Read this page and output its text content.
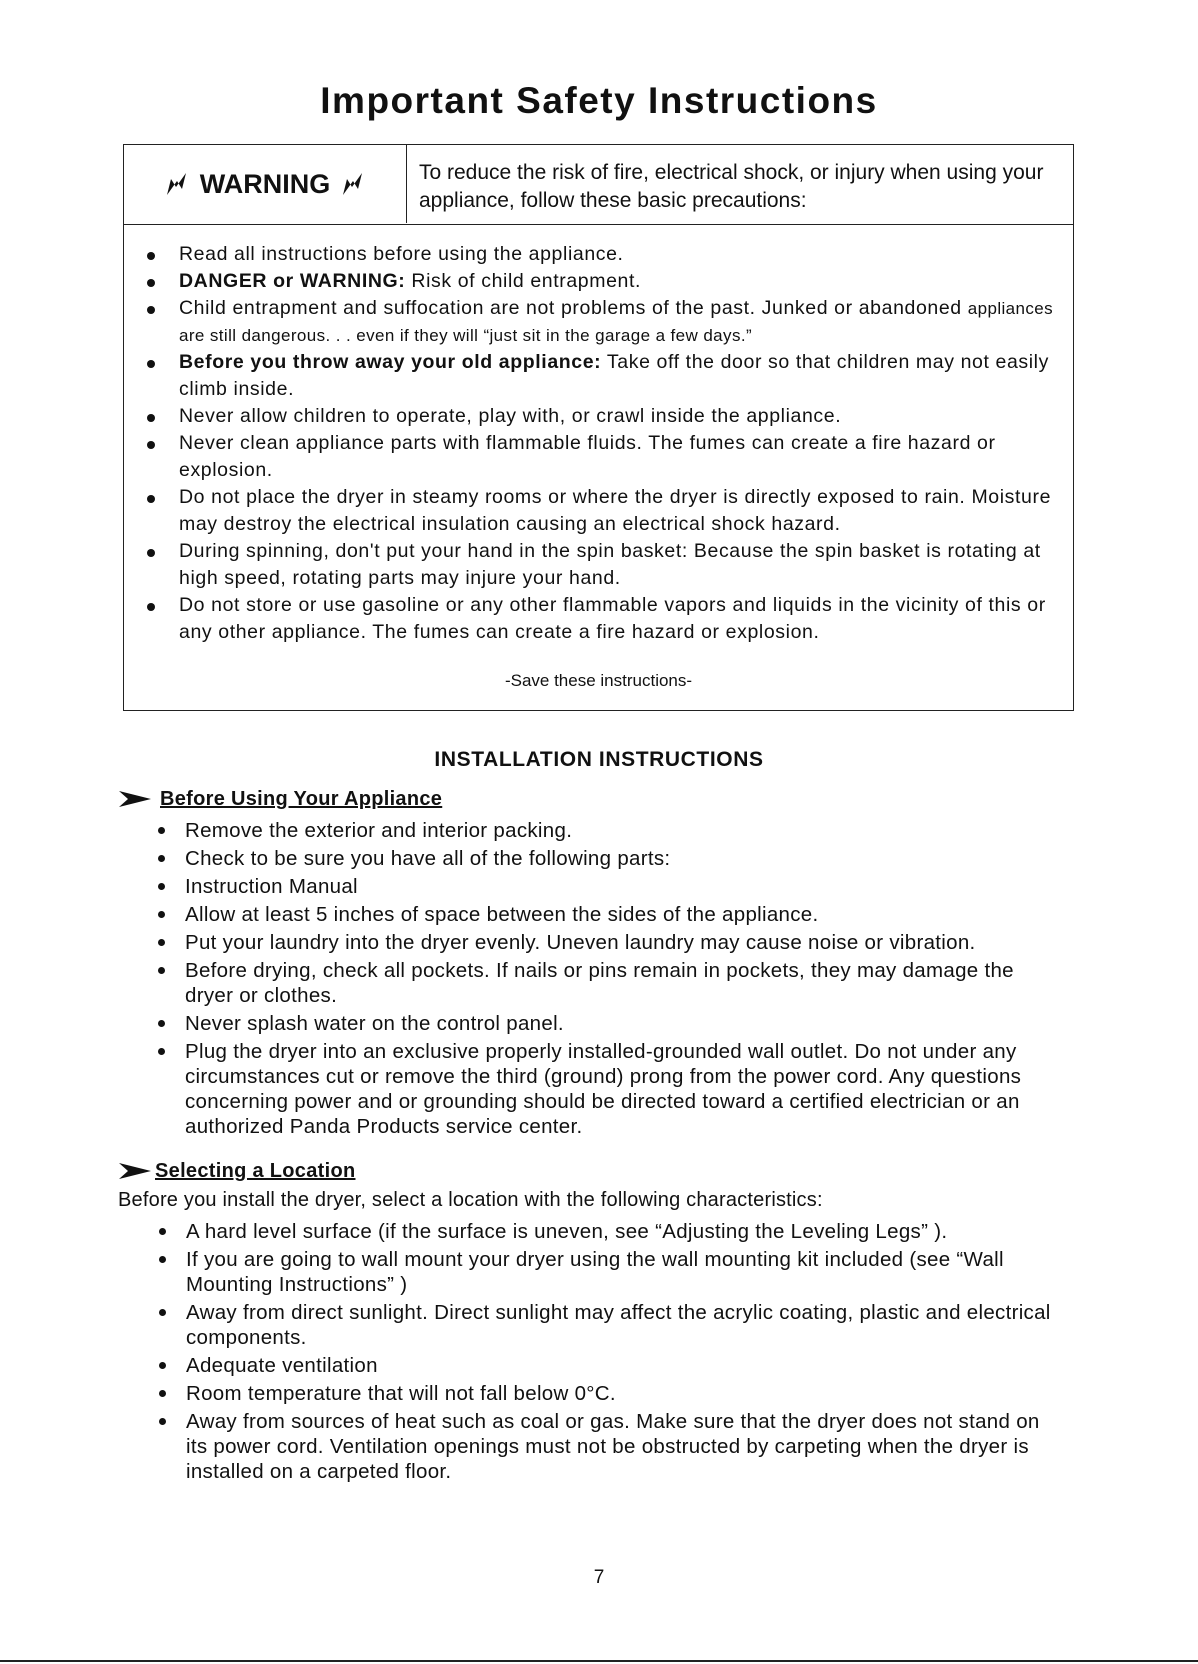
Important Safety Instructions
WARNING	To reduce the risk of fire, electrical shock, or injury when using your appliance, follow these basic precautions:
Read all instructions before using the appliance.
DANGER or WARNING: Risk of child entrapment.
Child entrapment and suffocation are not problems of the past. Junked or abandoned appliances are still dangerous. . . even if they will “just sit in the garage a few days.”
Before you throw away your old appliance: Take off the door so that children may not easily climb inside.
Never allow children to operate, play with, or crawl inside the appliance.
Never clean appliance parts with flammable fluids. The fumes can create a fire hazard or explosion.
Do not place the dryer in steamy rooms or where the dryer is directly exposed to rain. Moisture may destroy the electrical insulation causing an electrical shock hazard.
During spinning, don't put your hand in the spin basket: Because the spin basket is rotating at high speed, rotating parts may injure your hand.
Do not store or use gasoline or any other flammable vapors and liquids in the vicinity of this or any other appliance. The fumes can create a fire hazard or explosion.
-Save these instructions-
INSTALLATION INSTRUCTIONS
Before Using Your Appliance
Remove the exterior and interior packing.
Check to be sure you have all of the following parts:
Instruction Manual
Allow at least 5 inches of space between the sides of the appliance.
Put your laundry into the dryer evenly. Uneven laundry may cause noise or vibration.
Before drying, check all pockets. If nails or pins remain in pockets, they may damage the dryer or clothes.
Never splash water on the control panel.
Plug the dryer into an exclusive properly installed-grounded wall outlet. Do not under any circumstances cut or remove the third (ground) prong from the power cord. Any questions concerning power and or grounding should be directed toward a certified electrician or an authorized Panda Products service center.
Selecting a Location
Before you install the dryer, select a location with the following characteristics:
A hard level surface (if the surface is uneven, see “Adjusting the Leveling Legs” ).
If you are going to wall mount your dryer using the wall mounting kit included (see “Wall Mounting Instructions” )
Away from direct sunlight. Direct sunlight may affect the acrylic coating, plastic and electrical components.
Adequate ventilation
Room temperature that will not fall below 0°C.
Away from sources of heat such as coal or gas. Make sure that the dryer does not stand on its power cord. Ventilation openings must not be obstructed by carpeting when the dryer is installed on a carpeted floor.
7
